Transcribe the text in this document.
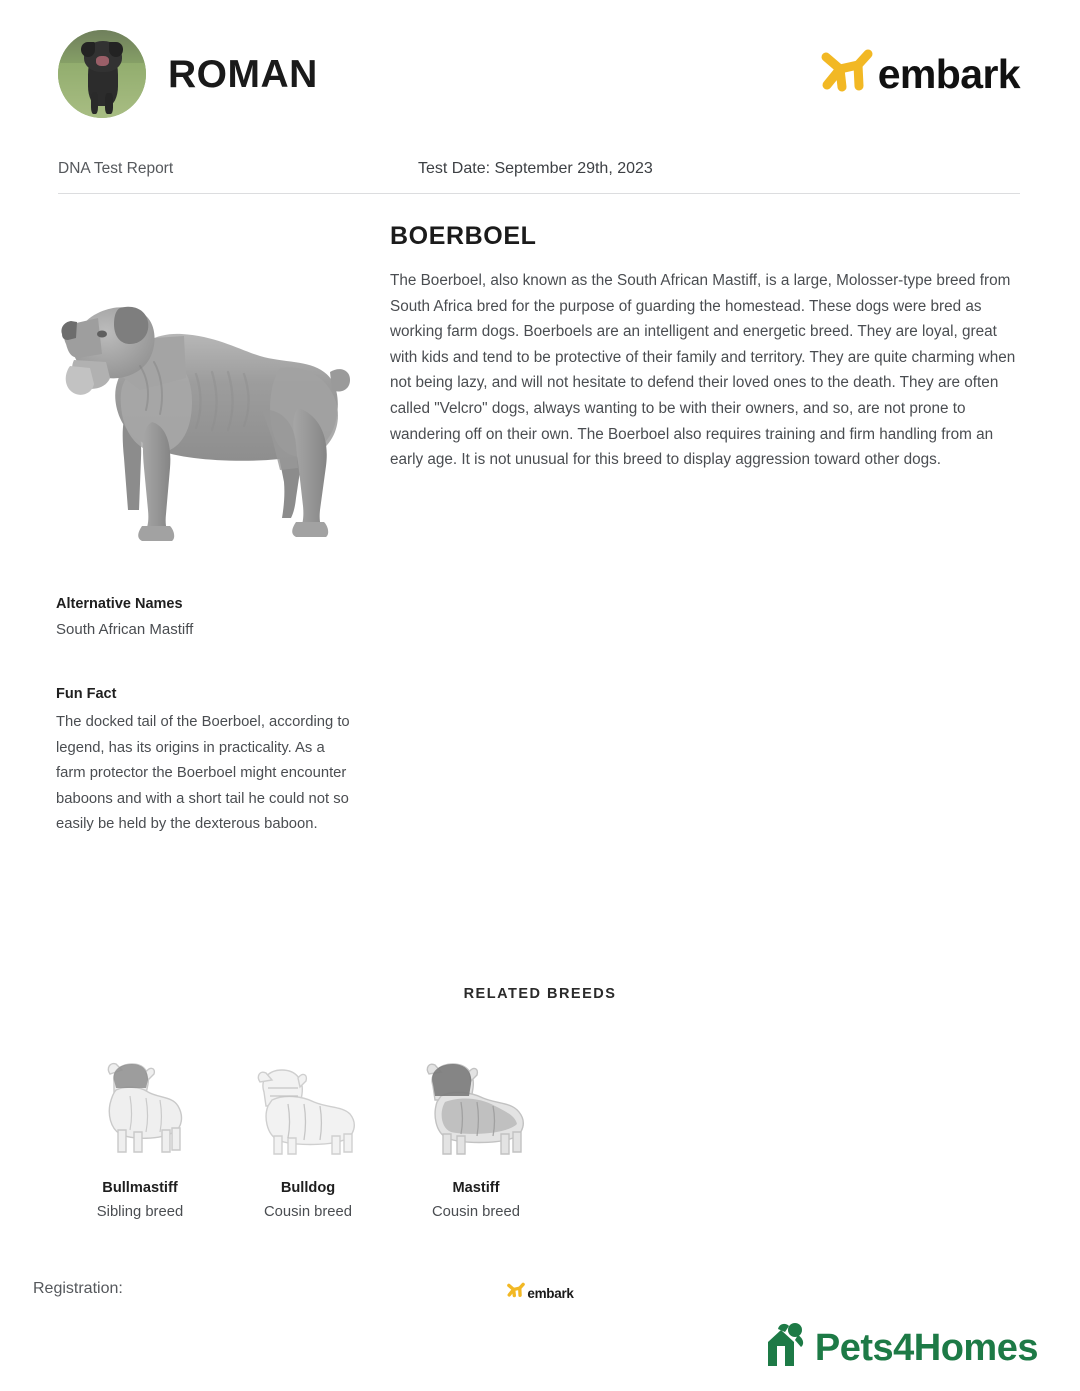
ROMAN	embark
DNA Test Report	Test Date: September 29th, 2023
BOERBOEL
The Boerboel, also known as the South African Mastiff, is a large, Molosser-type breed from South Africa bred for the purpose of guarding the homestead. These dogs were bred as working farm dogs. Boerboels are an intelligent and energetic breed. They are loyal, great with kids and tend to be protective of their family and territory. They are quite charming when not being lazy, and will not hesitate to defend their loved ones to the death. They are often called "Velcro" dogs, always wanting to be with their owners, and so, are not prone to wandering off on their own. The Boerboel also requires training and firm handling from an early age. It is not unusual for this breed to display aggression toward other dogs.
Alternative Names
South African Mastiff
Fun Fact
The docked tail of the Boerboel, according to legend, has its origins in practicality. As a farm protector the Boerboel might encounter baboons and with a short tail he could not so easily be held by the dexterous baboon.
RELATED BREEDS
Bullmastiff
Sibling breed
Bulldog
Cousin breed
Mastiff
Cousin breed
Registration:	embark
Pets4Homes
